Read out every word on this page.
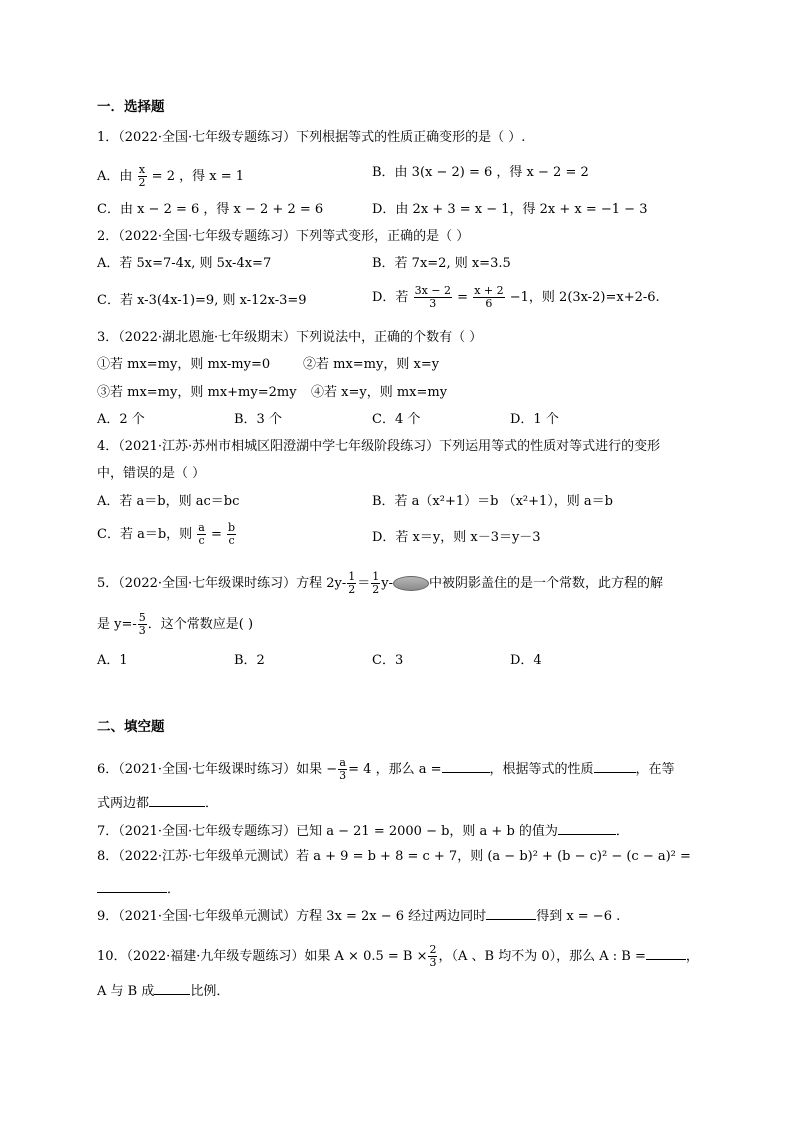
一．选择题
1．（2022·全国·七年级专题练习）下列根据等式的性质正确变形的是（ ）.
A．由 $\frac{x}{2} = 2$ ，得 x = 1	B．由 3(x − 2) = 6 ，得 x − 2 = 2
C．由 x − 2 = 6 ，得 x − 2 + 2 = 6	D．由 2x + 3 = x − 1，得 2x + x = −1 − 3
2．（2022·全国·七年级专题练习）下列等式变形，正确的是（ ）
A．若 5x=7-4x, 则 5x-4x=7	B．若 7x=2, 则 x=3.5
C．若 x-3(4x-1)=9, 则 x-12x-3=9	D．若 $\frac{3x - 2}{3} = \frac{x + 2}{6} -1$，则 2(3x-2)=x+2-6.
3．（2022·湖北恩施·七年级期末）下列说法中，正确的个数有（ ）
①若 mx=my，则 mx-my=0	②若 mx=my，则 x=y
③若 mx=my，则 mx+my=2my ④若 x=y，则 mx=my
A．2 个	B．3 个	C．4 个	D．1 个
4．（2021·江苏·苏州市相城区阳澄湖中学七年级阶段练习）下列运用等式的性质对等式进行的变形
中，错误的是（ ）
A．若 a＝b，则 ac＝bc	B．若 a（x²+1）＝b （x²+1），则 a＝b
C．若 a＝b，则 $\frac{a}{c} = \frac{b}{c}$	D．若 x＝y，则 x－3＝y－3
5．（2022·全国·七年级课时练习）方程 $2y- \frac{1}{2} = \frac{1}{2} y-$	中被阴影盖住的是一个常数，此方程的解
是 $y=- \frac{5}{3}$ ．这个常数应是( )
A．1	B．2	C．3	D．4
二、填空题
6．（2021·全国·七年级课时练习）如果 − $\frac{a}{3} = 4$ ，那么 a =	，根据等式的性质	，在等
式两边都	．
7．（2021·全国·七年级专题练习）已知 a − 21 = 2000 − b，则 a + b 的值为	．
8．（2022·江苏·七年级单元测试）若 a + 9 = b + 8 = c + 7，则 (a − b)² + (b − c)² − (c − a)² =
．
9．（2021·全国·七年级单元测试）方程 3x = 2x − 6 经过两边同时	得到 x = −6 .
10．（2022·福建·九年级专题练习）如果 $A \times 0.5 = B \times \frac{2}{3}$ ，（A 、B 均不为 0），那么 A : B =	，
A 与 B 成	比例．
